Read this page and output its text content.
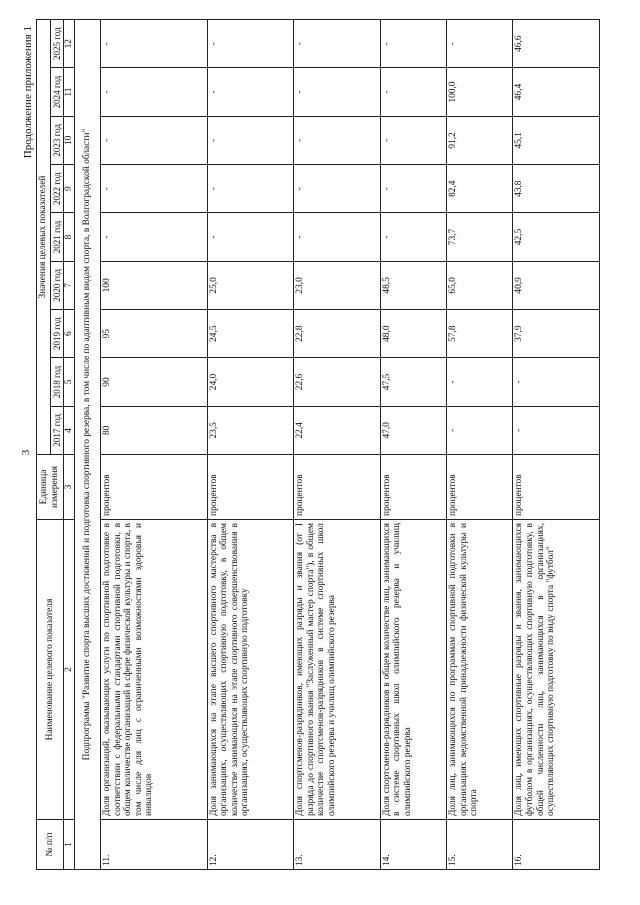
3
Продолжение приложения 1
№ п/п	Наименование целевого показателя	Единица измерения	Значения целевых показателей								
			2017 год	2018 год	2019 год	2020 год	2021 год	2022 год	2023 год	2024 год	2025 год
1	2	3	4	5	6	7	8	9	10	11	12
Подпрограмма "Развитие спорта высших достижений и подготовка спортивного резерва, в том числе по адаптивным видам спорта, в Волгоградской области"											
11.	Доля организаций, оказывающих услуги по спортивной подготовке в соответствии с федеральными стандартами спортивной подготовки, в общем количестве организаций в сфере физической культуры и спорта, в том числе для лиц с ограниченными возможностями здоровья и инвалидов	процентов	80	90	95	100	-	-	-	-	-
12.	Доля занимающихся на этапе высшего спортивного мастерства в организациях, осуществляющих спортивную подготовку, в общем количестве занимающихся на этапе спортивного совершенствования в организациях, осуществляющих спортивную подготовку	процентов	23,5	24,0	24,5	25,0	-	-	-	-	-
13.	Доля спортсменов-разрядников, имеющих разряды и звания (от I разряда до спортивного звания "Заслуженный мастер спорта"), в общем количестве спортсменов-разрядников в системе спортивных школ олимпийского резерва и училищ олимпийского резерва	процентов	22,4	22,6	22,8	23,0	-	-	-	-	-
14.	Доля спортсменов-разрядников в общем количестве лиц, занимающихся в системе спортивных школ олимпийского резерва и училищ олимпийского резерва	процентов	47,0	47,5	48,0	48,5	-	-	-	-	-
15.	Доля лиц, занимающихся по программам спортивной подготовки в организациях ведомственной принадлежности физической культуры и спорта	процентов	-	-	57,8	65,0	73,7	82,4	91,2	100,0	-
16.	Доля лиц, имеющих спортивные разряды и звания, занимающихся футболом в организациях, осуществляющих спортивную подготовку, в общей численности лиц, занимающихся в организациях, осуществляющих спортивную подготовку по виду спорта "футбол"	процентов	-	-	37,9	40,9	42,5	43,8	45,1	46,4	46,6
